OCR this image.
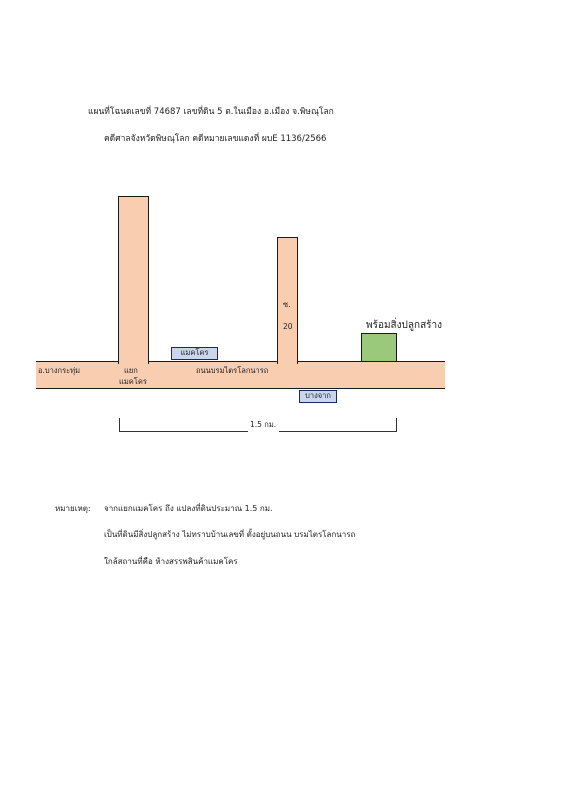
แผนที่โฉนดเลขที่ 74687 เลขที่ดิน 5 ต.ในเมือง อ.เมือง จ.พิษณุโลก
คดีศาลจังหวัดพิษณุโลก คดีหมายเลขแดงที่ ผบE 1136/2566
อ.บางกระทุ่ม	แยก
แมคโคร
ถนนบรมไตรโลกนารถ
แมคโคร
ซ.
20
บางจาก
พร้อมสิ่งปลูกสร้าง
1.5 กม.
หมายเหตุ: จากแยกแมคโคร ถึง แปลงที่ดินประมาณ 1.5 กม.
เป็นที่ดินมีสิ่งปลูกสร้าง ไม่ทราบบ้านเลขที่ ตั้งอยู่บนถนน บรมไตรโลกนารถ
ใกล้สถานที่คือ ห้างสรรพสินค้าแมคโคร
